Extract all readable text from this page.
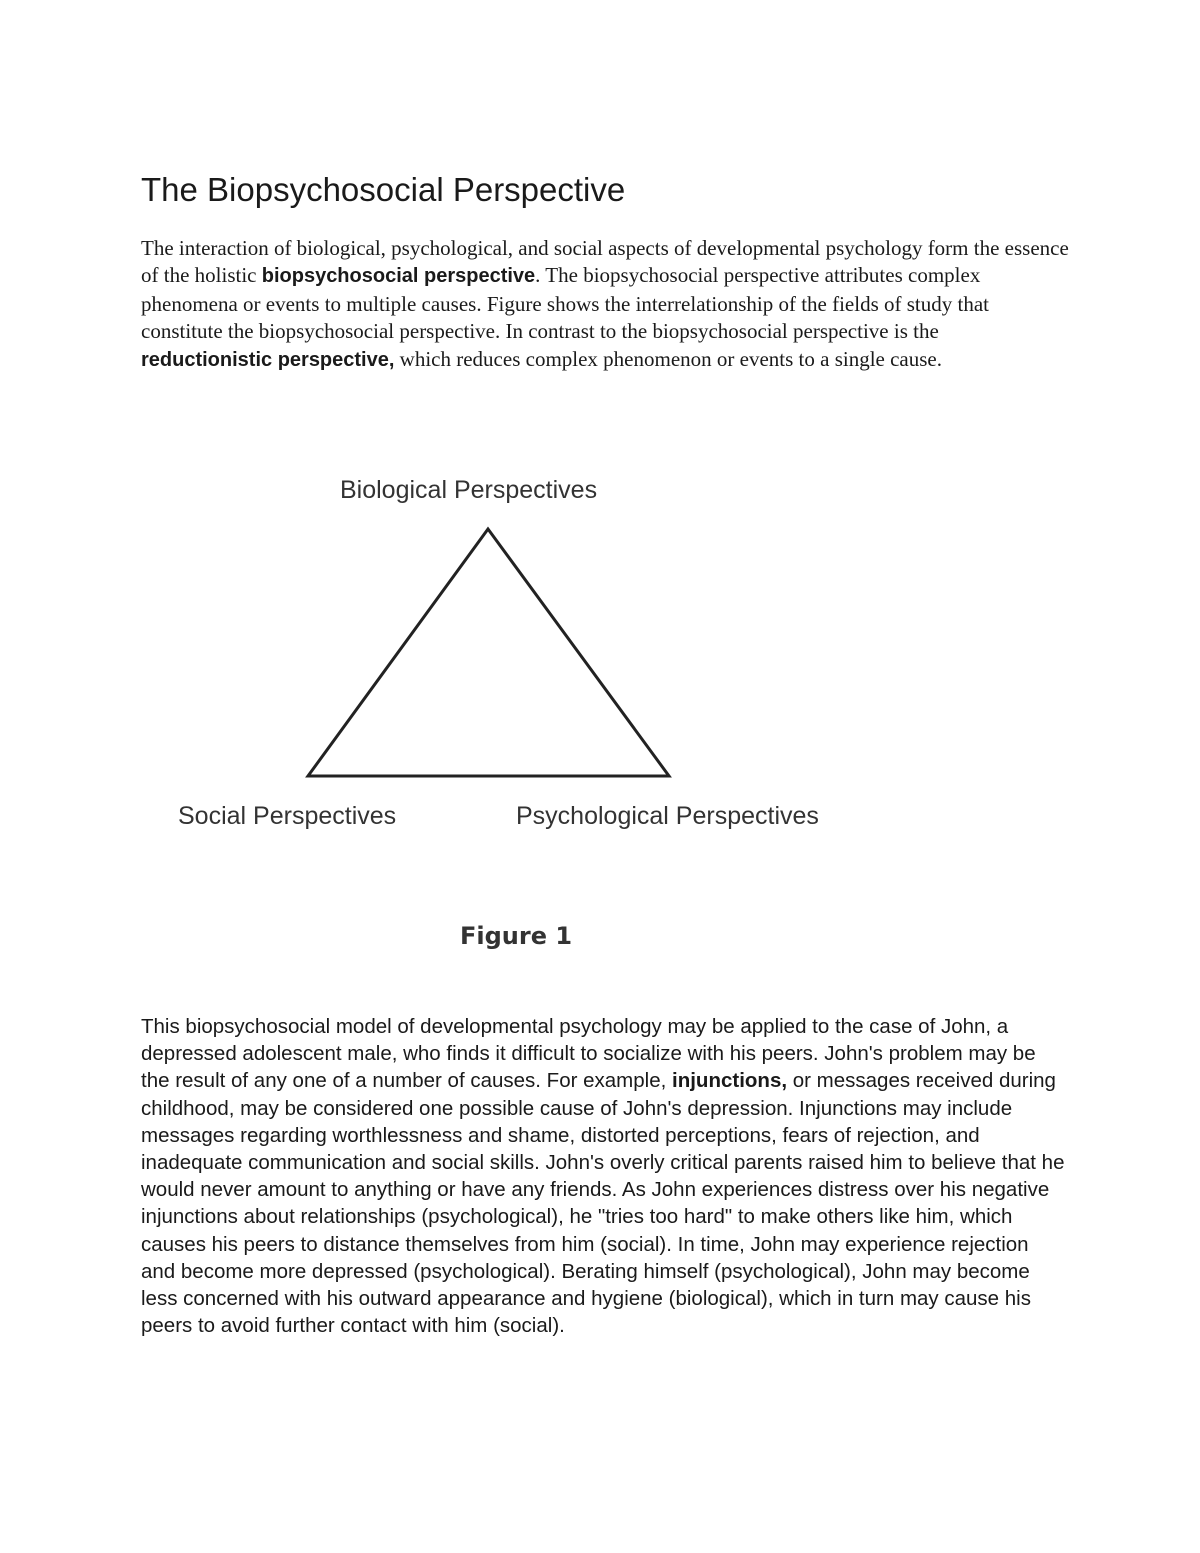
The Biopsychosocial Perspective

The interaction of biological, psychological, and social aspects of developmental psychology form the essence of the holistic biopsychosocial perspective. The biopsychosocial perspective attributes complex phenomena or events to multiple causes. Figure shows the interrelationship of the fields of study that constitute the biopsychosocial perspective. In contrast to the biopsychosocial perspective is the reductionistic perspective, which reduces complex phenomenon or events to a single cause.

Biological Perspectives
Social Perspectives	Psychological Perspectives

Figure 1

This biopsychosocial model of developmental psychology may be applied to the case of John, a depressed adolescent male, who finds it difficult to socialize with his peers. John's problem may be the result of any one of a number of causes. For example, injunctions, or messages received during childhood, may be considered one possible cause of John's depression. Injunctions may include messages regarding worthlessness and shame, distorted perceptions, fears of rejection, and inadequate communication and social skills. John's overly critical parents raised him to believe that he would never amount to anything or have any friends. As John experiences distress over his negative injunctions about relationships (psychological), he "tries too hard" to make others like him, which causes his peers to distance themselves from him (social). In time, John may experience rejection and become more depressed (psychological). Berating himself (psychological), John may become less concerned with his outward appearance and hygiene (biological), which in turn may cause his peers to avoid further contact with him (social).
